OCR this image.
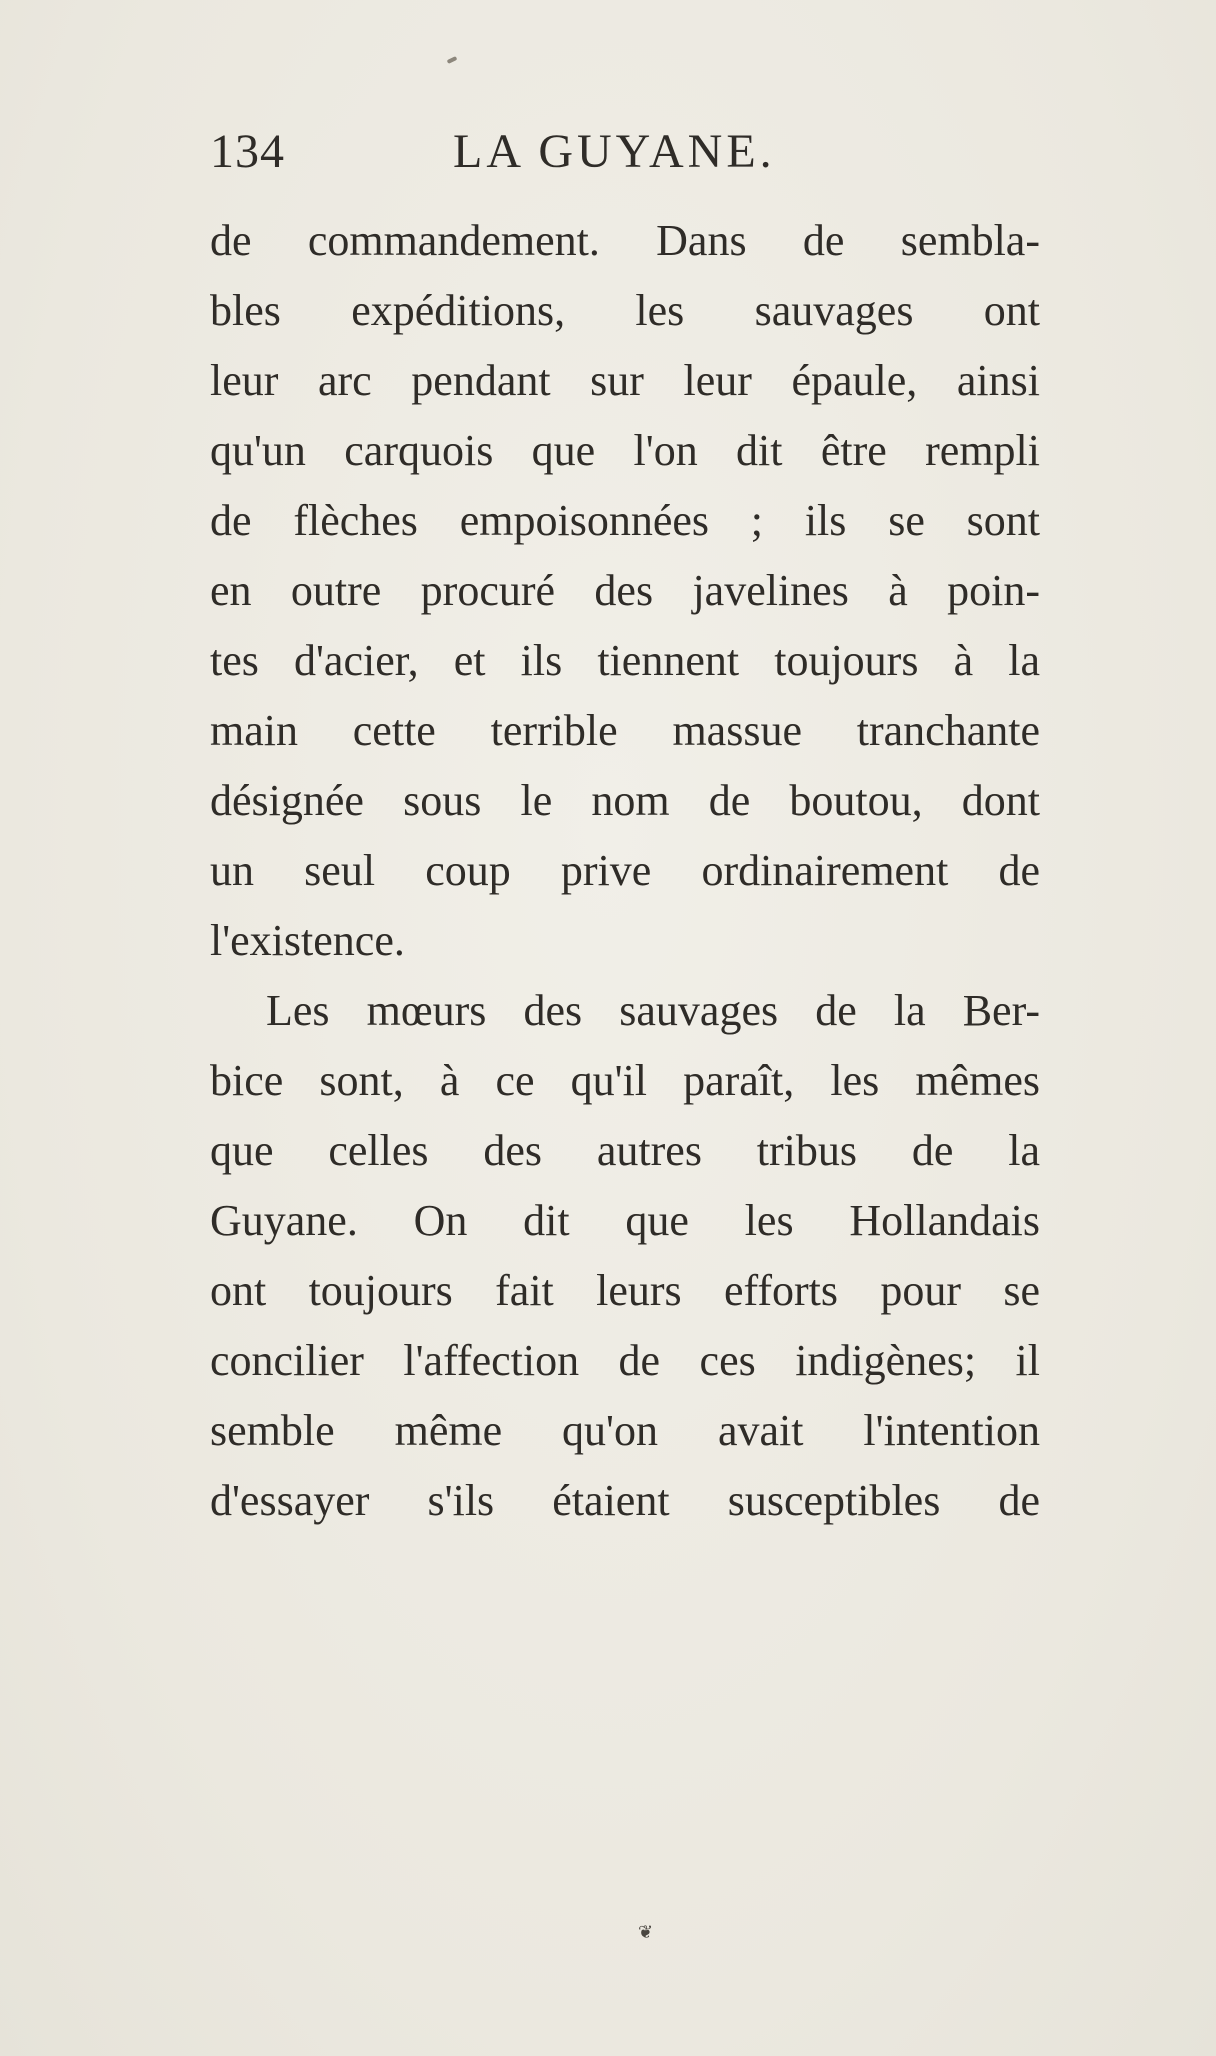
134	LA GUYANE.
de commandement. Dans de sembla-
bles expéditions, les sauvages ont
leur arc pendant sur leur épaule, ainsi
qu'un carquois que l'on dit être rempli
de flèches empoisonnées ; ils se sont
en outre procuré des javelines à poin-
tes d'acier, et ils tiennent toujours à la
main cette terrible massue tranchante
désignée sous le nom de boutou, dont
un seul coup prive ordinairement de
l'existence.
Les mœurs des sauvages de la Ber-
bice sont, à ce qu'il paraît, les mêmes
que celles des autres tribus de la
Guyane. On dit que les Hollandais
ont toujours fait leurs efforts pour se
concilier l'affection de ces indigènes; il
semble même qu'on avait l'intention
d'essayer s'ils étaient susceptibles de
❦
